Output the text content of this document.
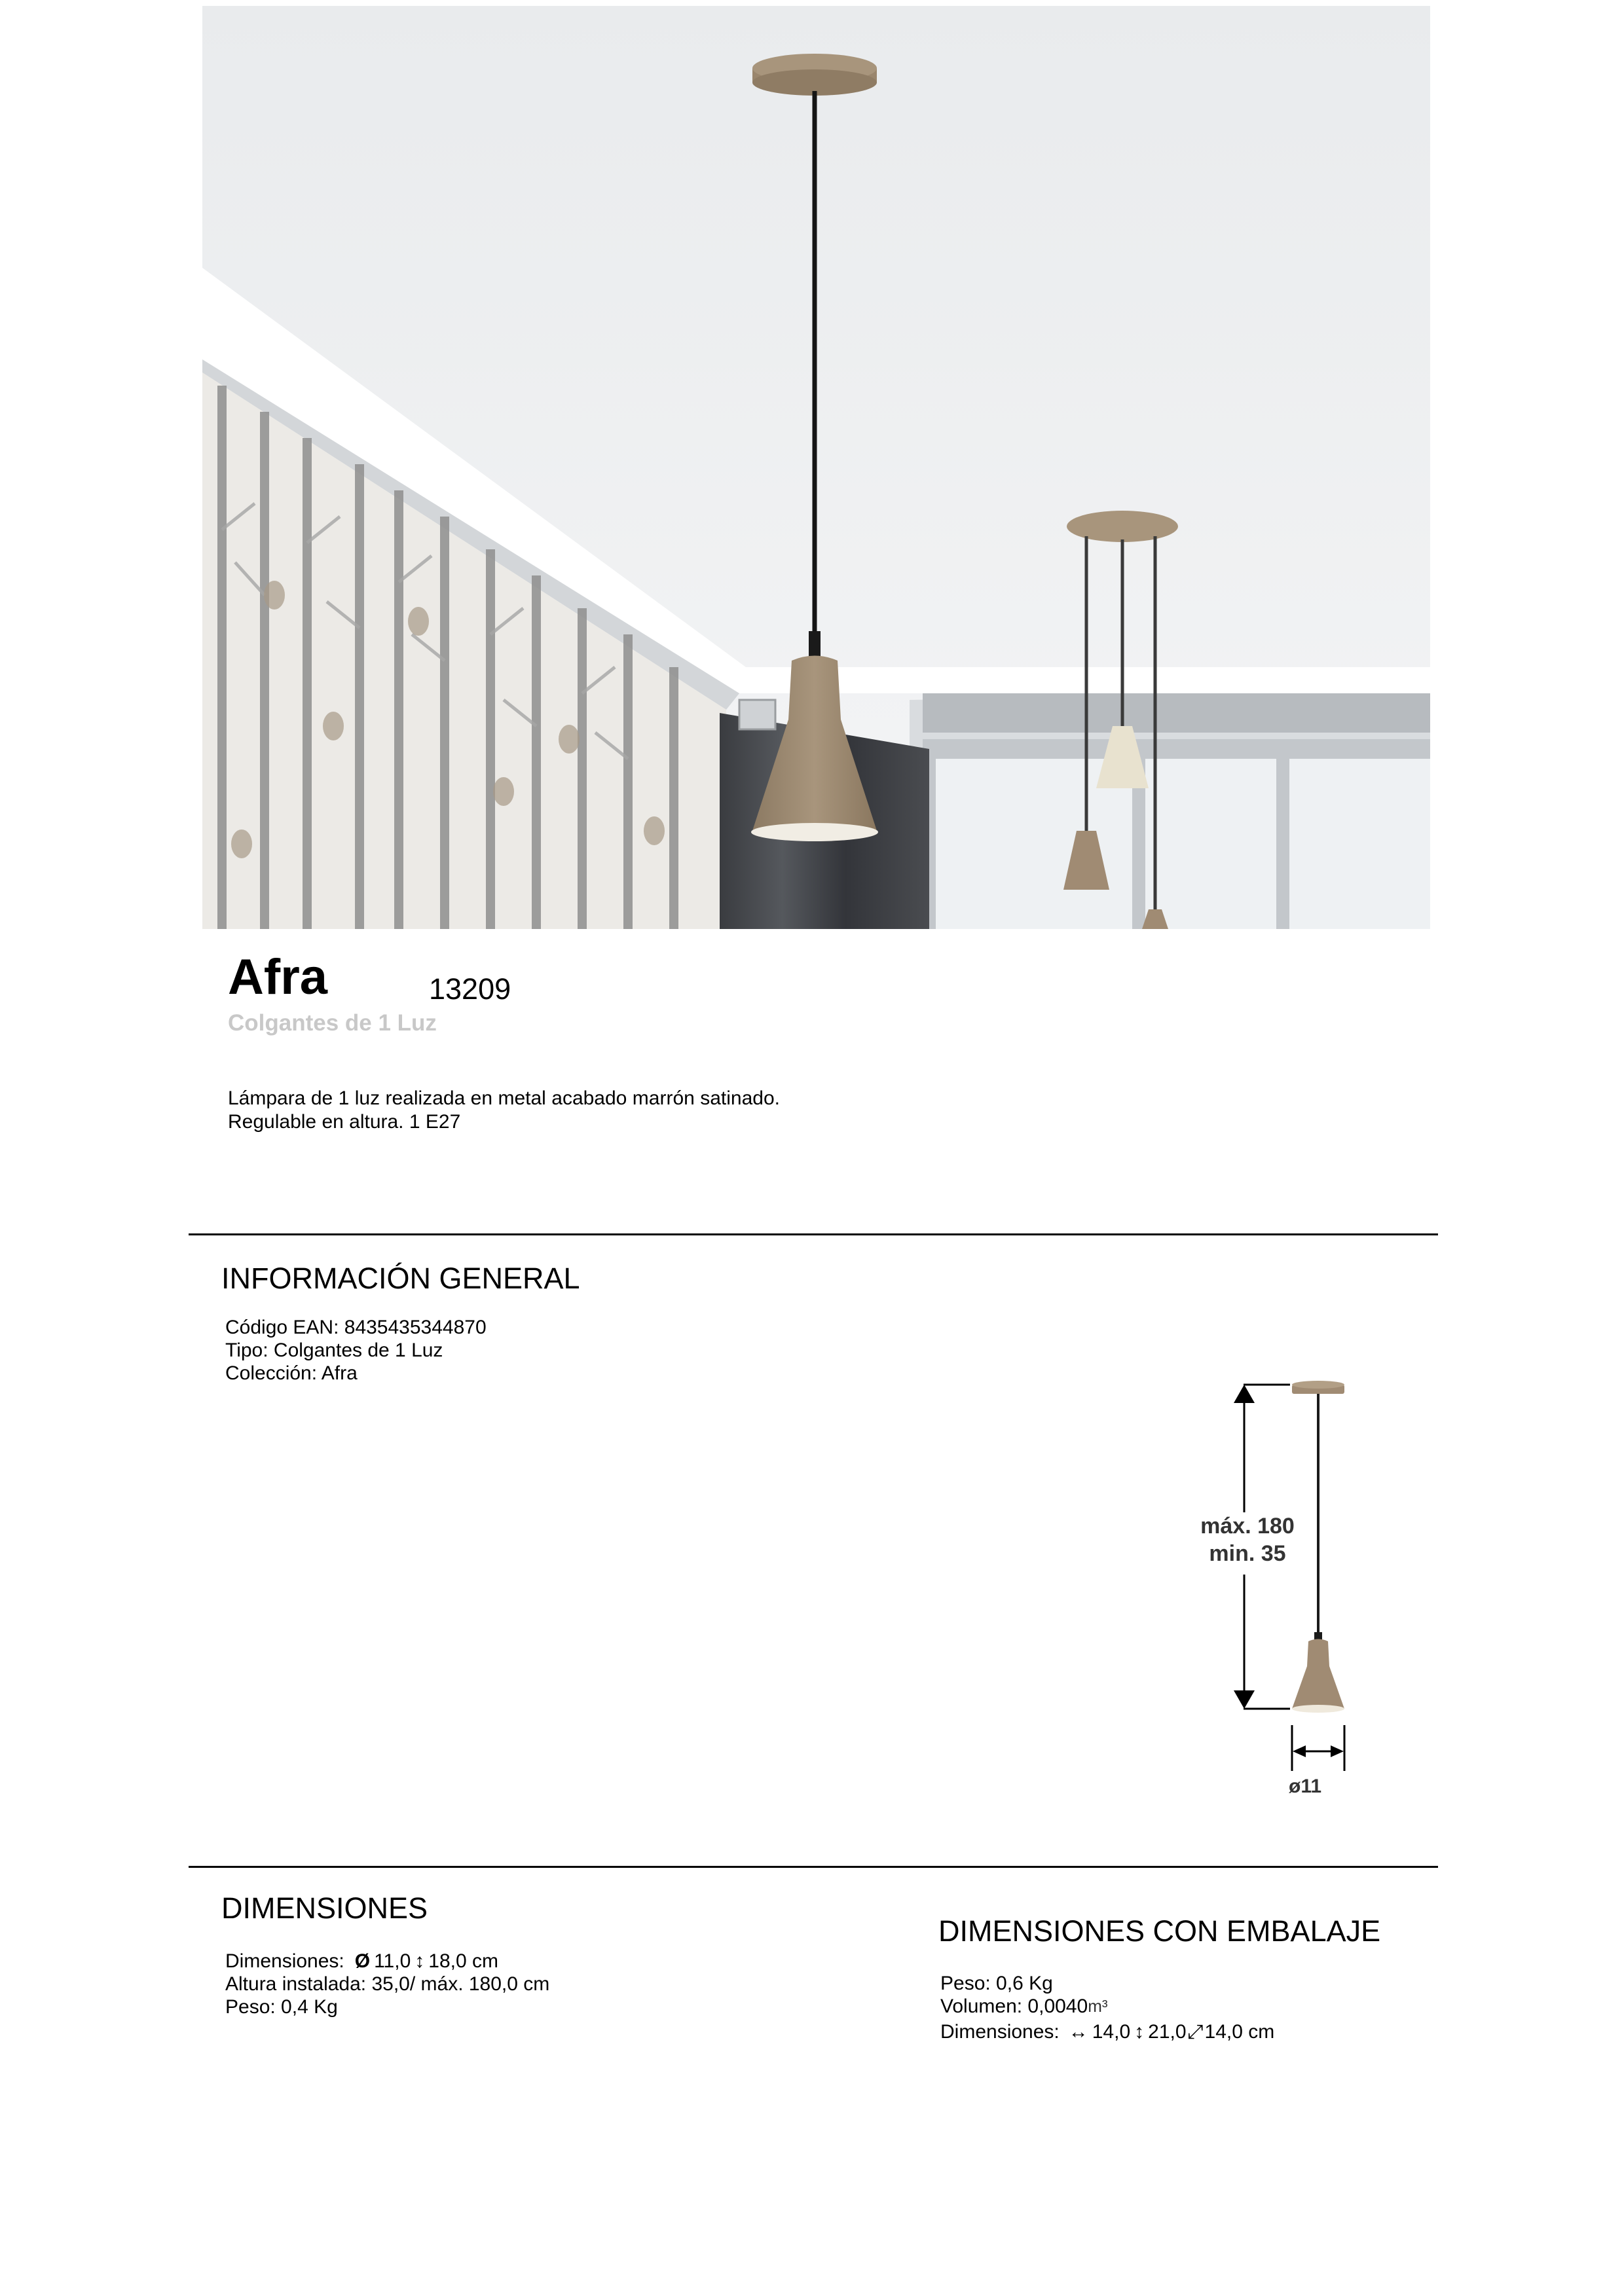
Afra	13209
Colgantes de 1 Luz
Lámpara de 1 luz realizada en metal acabado marrón satinado. Regulable en altura. 1 E27
INFORMACIÓN GENERAL
Código EAN: 8435435344870
Tipo: Colgantes de 1 Luz
Colección: Afra
máx. 180
min. 35
ø11
DIMENSIONES
Dimensiones: Ø 11,0 ↕ 18,0 cm
Altura instalada: 35,0/ máx. 180,0 cm
Peso: 0,4 Kg
DIMENSIONES CON EMBALAJE
Peso: 0,6 Kg
Volumen: 0,0040 m³
Dimensiones: ↔ 14,0 ↕ 21,0 ⤢ 14,0 cm
